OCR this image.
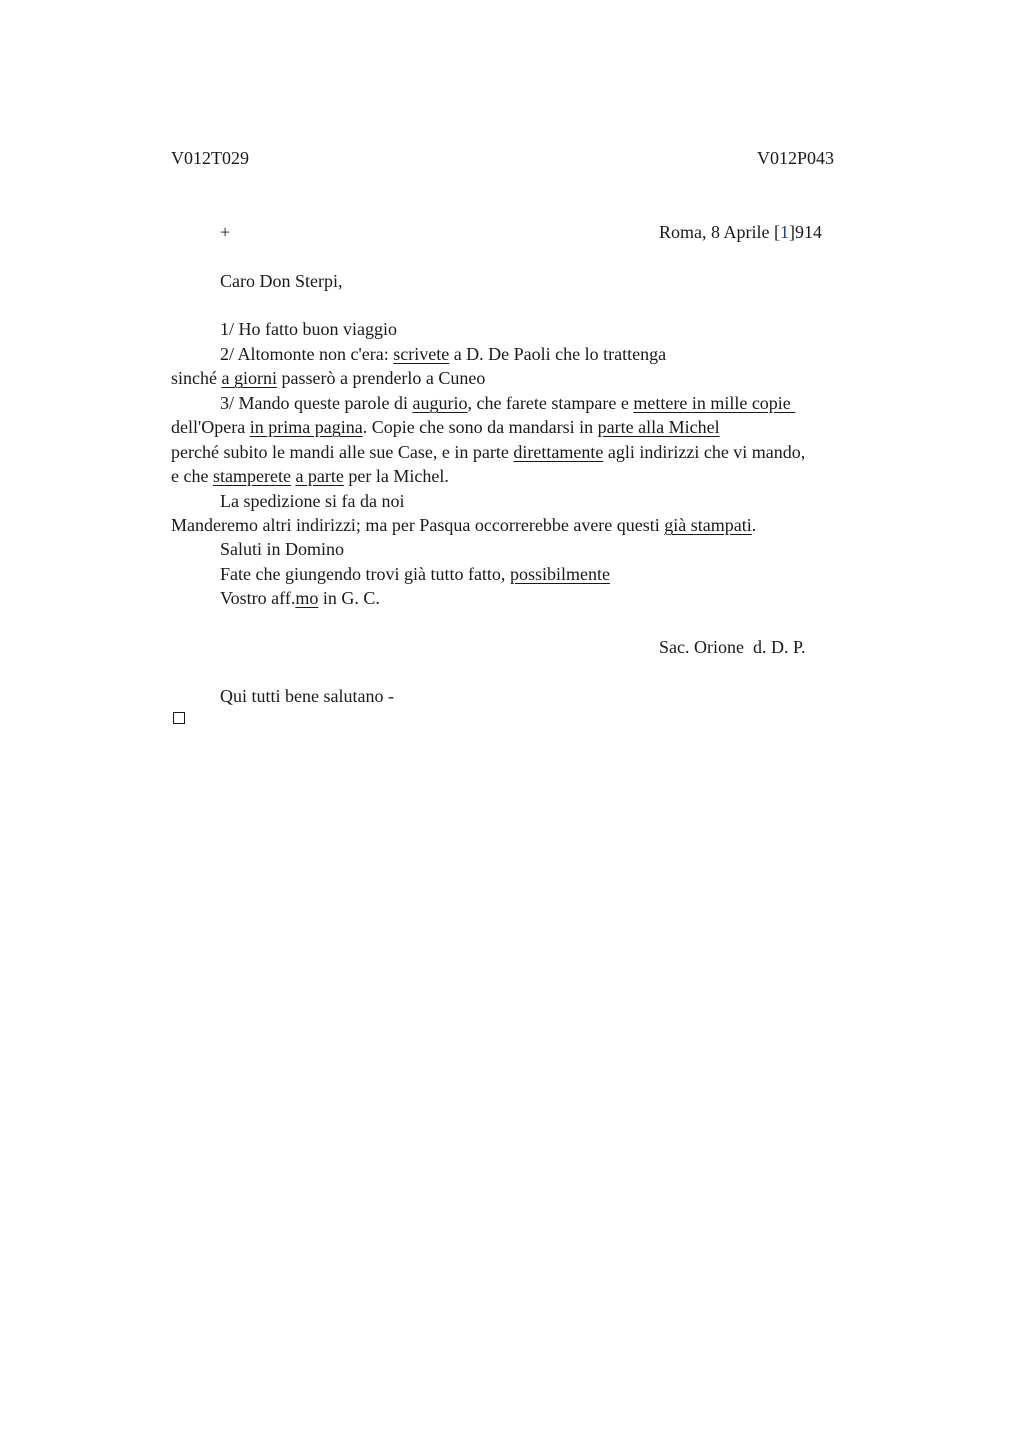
V012T029	V012P043
+	Roma, 8 Aprile [1]914
Caro Don Sterpi,
1/ Ho fatto buon viaggio
2/ Altomonte non c'era: scrivete a D. De Paoli che lo trattenga
sinché a giorni passerò a prenderlo a Cuneo
3/ Mando queste parole di augurio, che farete stampare e mettere in mille copie
dell'Opera in prima pagina. Copie che sono da mandarsi in parte alla Michel
perché subito le mandi alle sue Case, e in parte direttamente agli indirizzi che vi mando,
e che stamperete a parte per la Michel.
La spedizione si fa da noi
Manderemo altri indirizzi; ma per Pasqua occorrerebbe avere questi già stampati.
Saluti in Domino
Fate che giungendo trovi già tutto fatto, possibilmente
Vostro aff.mo in G. C.
Sac. Orione  d. D. P.
Qui tutti bene salutano -
